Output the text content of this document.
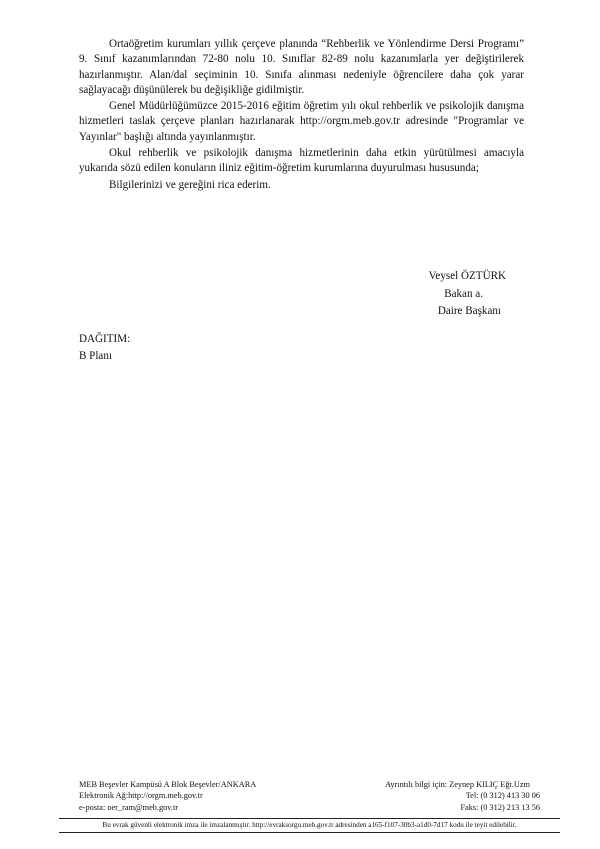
Ortaöğretim kurumları yıllık çerçeve planında “Rehberlik ve Yönlendirme Dersi Programı” 9. Sınıf kazanımlarından 72-80 nolu 10. Sınıflar 82-89 nolu kazanımlarla yer değiştirilerek hazırlanmıştır. Alan/dal seçiminin 10. Sınıfa alınması nedeniyle öğrencilere daha çok yarar sağlayacağı düşünülerek bu değişikliğe gidilmiştir.

Genel Müdürlüğümüzce 2015-2016 eğitim öğretim yılı okul rehberlik ve psikolojik danışma hizmetleri taslak çerçeve planları hazırlanarak http://orgm.meb.gov.tr adresinde "Programlar ve Yayınlar" başlığı altında yayınlanmıştır.

Okul rehberlik ve psikolojik danışma hizmetlerinin daha etkin yürütülmesi amacıyla yukarıda sözü edilen konuların iliniz eğitim-öğretim kurumlarına duyurulması hususunda;

Bilgilerinizi ve gereğini rica ederim.

Veysel ÖZTÜRK
Bakan a.
Daire Başkanı
DAĞITIM:
B Planı
MEB Beşevler Kampüsü A Blok Beşevler/ANKARA
Elektronik Ağ:http://orgm.meb.gov.tr
e-posta: oer_ram@meb.gov.tr
Ayrıntılı bilgi için: Zeynep KILIÇ Eğt.Uzm
Tel: (0 312) 413 30 06
Faks: (0 312) 213 13 56
Bu evrak güvenli elektronik imza ile imzalanmıştır. http://evraksorgu.meb.gov.tr adresinden a165-f107-30b3-a1d0-7d17 kodu ile teyit edilebilir.
